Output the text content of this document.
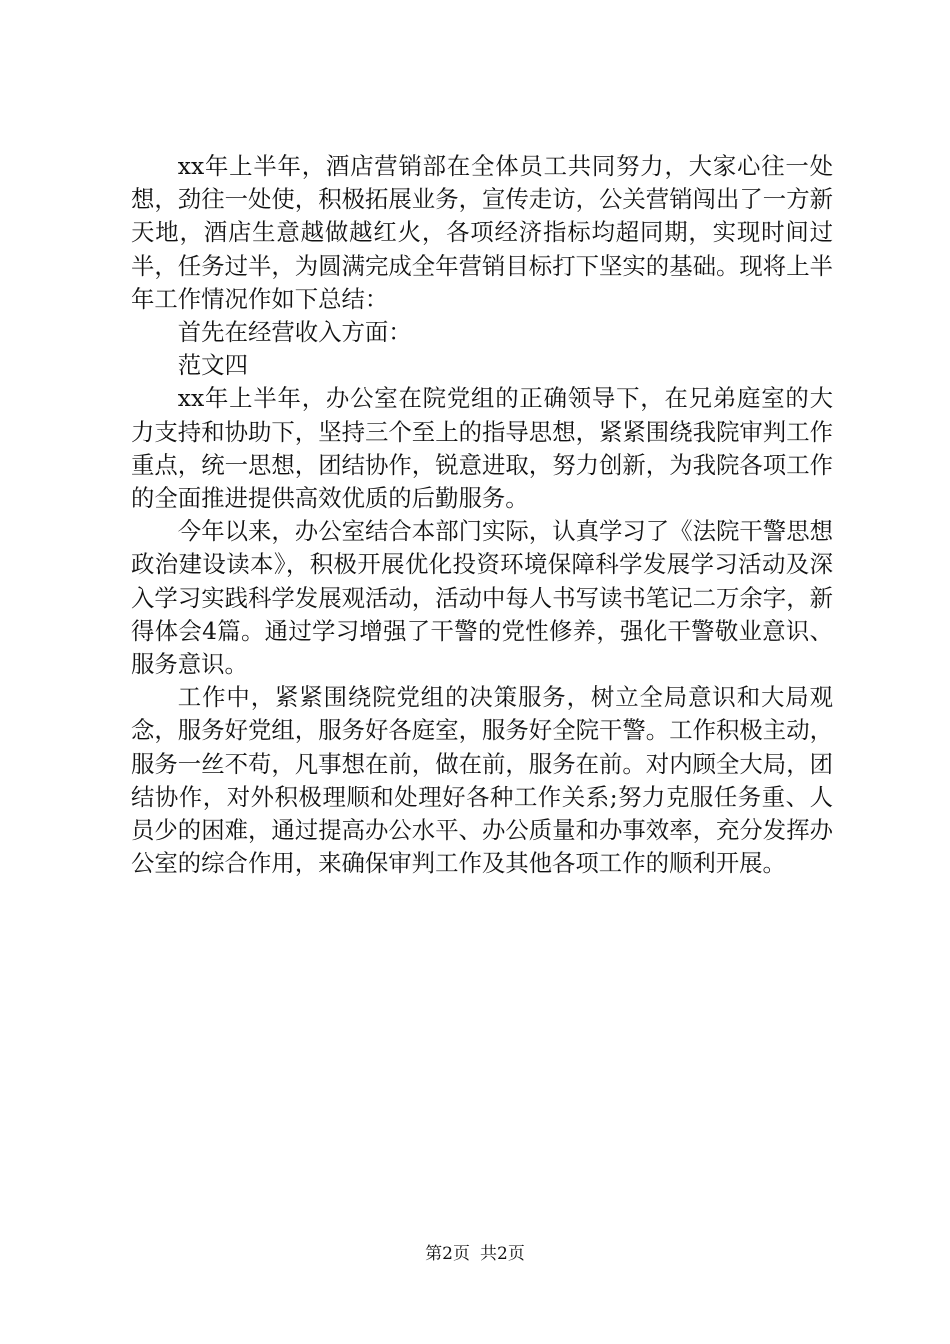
xx年上半年，酒店营销部在全体员工共同努力，大家心往一处想，劲往一处使，积极拓展业务，宣传走访，公关营销闯出了一方新天地，酒店生意越做越红火，各项经济指标均超同期，实现时间过半，任务过半，为圆满完成全年营销目标打下坚实的基础。现将上半年工作情况作如下总结：

首先在经营收入方面：

范文四

xx年上半年，办公室在院党组的正确领导下，在兄弟庭室的大力支持和协助下，坚持三个至上的指导思想，紧紧围绕我院审判工作重点，统一思想，团结协作，锐意进取，努力创新，为我院各项工作的全面推进提供高效优质的后勤服务。

今年以来，办公室结合本部门实际，认真学习了《法院干警思想政治建设读本》，积极开展优化投资环境保障科学发展学习活动及深入学习实践科学发展观活动，活动中每人书写读书笔记二万余字，新得体会4篇。通过学习增强了干警的党性修养，强化干警敬业意识、服务意识。

工作中，紧紧围绕院党组的决策服务，树立全局意识和大局观念，服务好党组，服务好各庭室，服务好全院干警。工作积极主动，服务一丝不苟，凡事想在前，做在前，服务在前。对内顾全大局，团结协作，对外积极理顺和处理好各种工作关系;努力克服任务重、人员少的困难，通过提高办公水平、办公质量和办事效率，充分发挥办公室的综合作用，来确保审判工作及其他各项工作的顺利开展。

第2页 共2页
